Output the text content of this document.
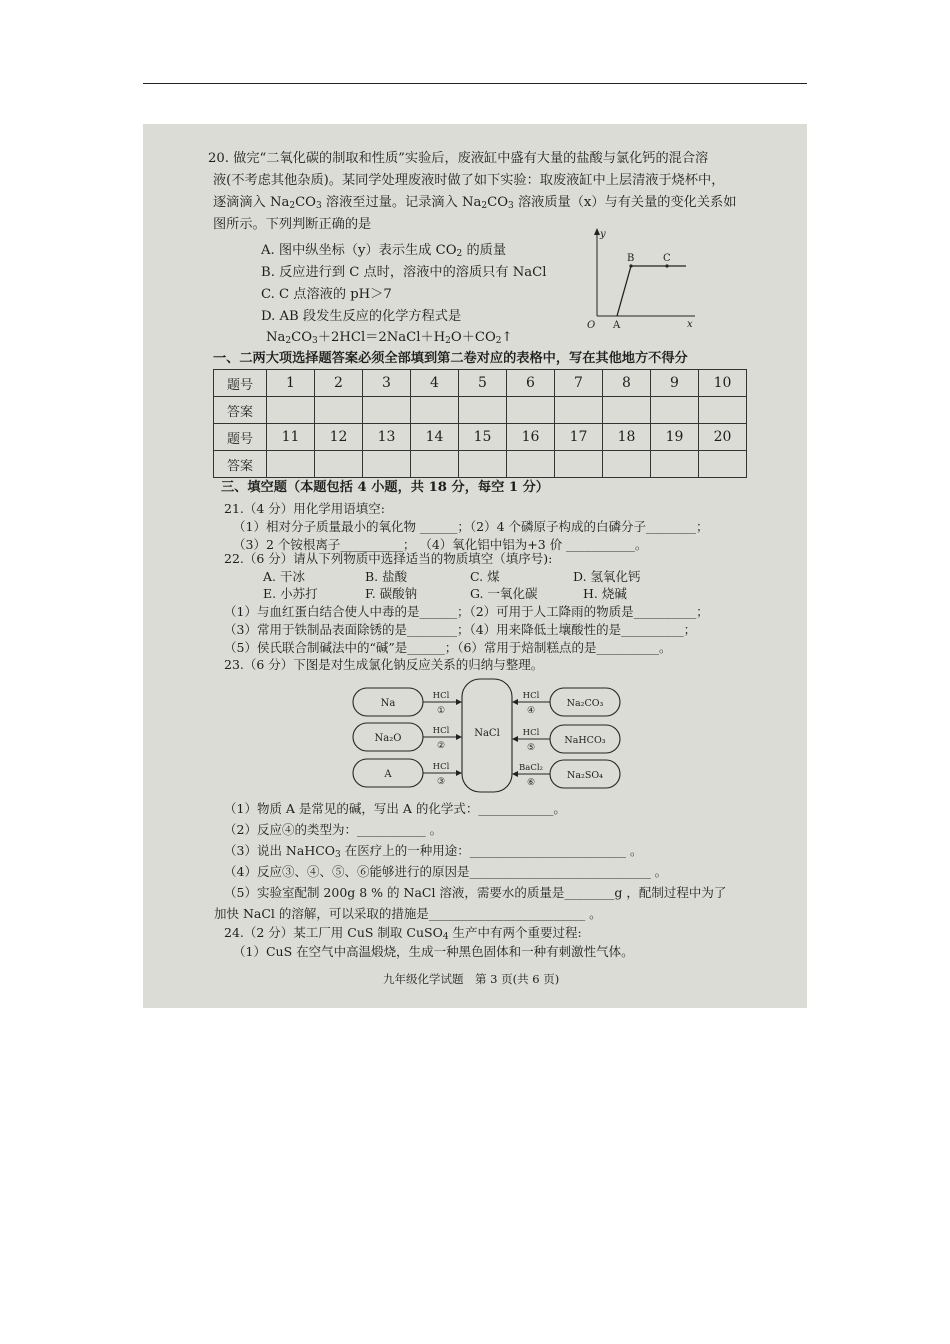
20. 做完“二氧化碳的制取和性质”实验后，废液缸中盛有大量的盐酸与氯化钙的混合溶
液(不考虑其他杂质)。某同学处理废液时做了如下实验：取废液缸中上层清液于烧杯中，
逐滴滴入 $Na_2CO_3$ 溶液至过量。记录滴入 $Na_2CO_3$ 溶液质量（x）与有关量的变化关系如
图所示。下列判断正确的是
A. 图中纵坐标（y）表示生成 $CO_2$ 的质量
B. 反应进行到 C 点时，溶液中的溶质只有 NaCl
C. C 点溶液的 pH＞7
D. AB 段发生反应的化学方程式是
$Na_2CO_3+2HCl=2NaCl+H_2O+CO_2↑$
y
x
O A
B	C
一、二两大项选择题答案必须全部填到第二卷对应的表格中，写在其他地方不得分
题号	1	2	3	4	5	6	7	8	9	10
答案										
题号	11	12	13	14	15	16	17	18	19	20
答案										
三、填空题（本题包括 4 小题，共 18 分，每空 1 分）
21.（4 分）用化学用语填空:
（1）相对分子质量最小的氧化物 ______；（2）4 个磷原子构成的白磷分子________；
（3）2 个铵根离子__________； （4）氧化铝中铝为+3 价 ___________。
22.（6 分）请从下列物质中选择适当的物质填空（填序号):
A. 干冰	B. 盐酸	C. 煤	D. 氢氧化钙
E. 小苏打	F. 碳酸钠	G. 一氧化碳	H. 烧碱
（1）与血红蛋白结合使人中毒的是______；（2）可用于人工降雨的物质是__________；
（3）常用于铁制品表面除锈的是________；（4）用来降低土壤酸性的是__________；
（5）侯氏联合制碱法中的“碱”是______；（6）常用于焙制糕点的是__________。
23.（6 分）下图是对生成氯化钠反应关系的归纳与整理。
NaCl
Na
Na₂O
A
HCl
①
HCl
②
HCl
③
Na₂CO₃
NaHCO₃
Na₂SO₄
HCl
④
HCl
⑤
BaCl₂
⑥
（1）物质 A 是常见的碱，写出 A 的化学式：____________。
（2）反应④的类型为：___________ 。
（3）说出 NaHCO$_3$ 在医疗上的一种用途：_________________________ 。
（4）反应③、④、⑤、⑥能够进行的原因是_____________________________ 。
（5）实验室配制 200g 8 % 的 NaCl 溶液，需要水的质量是________g ，配制过程中为了
加快 NaCl 的溶解，可以采取的措施是_________________________ 。
24.（2 分）某工厂用 CuS 制取 CuSO$_4$ 生产中有两个重要过程:
（1）CuS 在空气中高温煅烧，生成一种黑色固体和一种有刺激性气体。
九年级化学试题　第 3 页(共 6 页)
